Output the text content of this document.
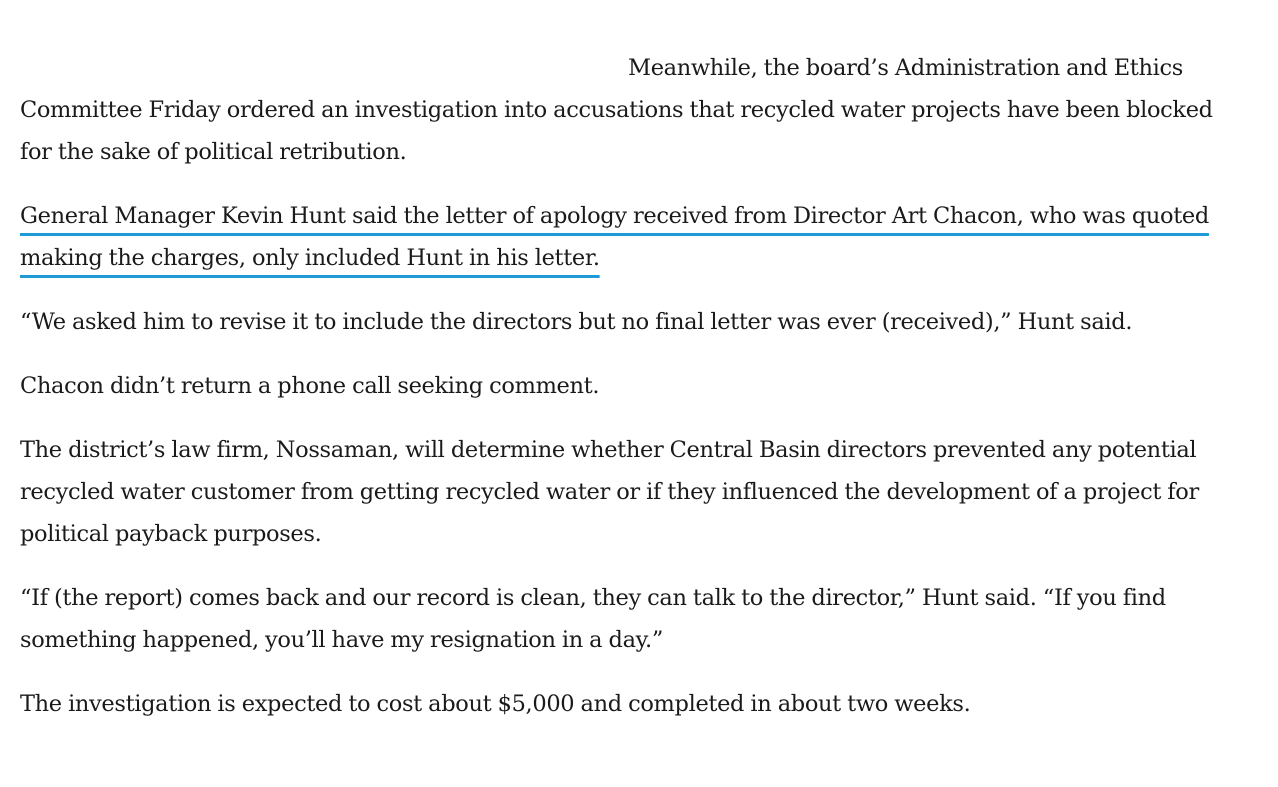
Meanwhile, the board’s Administration and Ethics Committee Friday ordered an investigation into accusations that recycled water projects have been blocked for the sake of political retribution.

General Manager Kevin Hunt said the letter of apology received from Director Art Chacon, who was quoted making the charges, only included Hunt in his letter.

“We asked him to revise it to include the directors but no final letter was ever (received),” Hunt said.

Chacon didn’t return a phone call seeking comment.

The district’s law firm, Nossaman, will determine whether Central Basin directors prevented any potential recycled water customer from getting recycled water or if they influenced the development of a project for political payback purposes.

“If (the report) comes back and our record is clean, they can talk to the director,” Hunt said. “If you find something happened, you’ll have my resignation in a day.”

The investigation is expected to cost about $5,000 and completed in about two weeks.
